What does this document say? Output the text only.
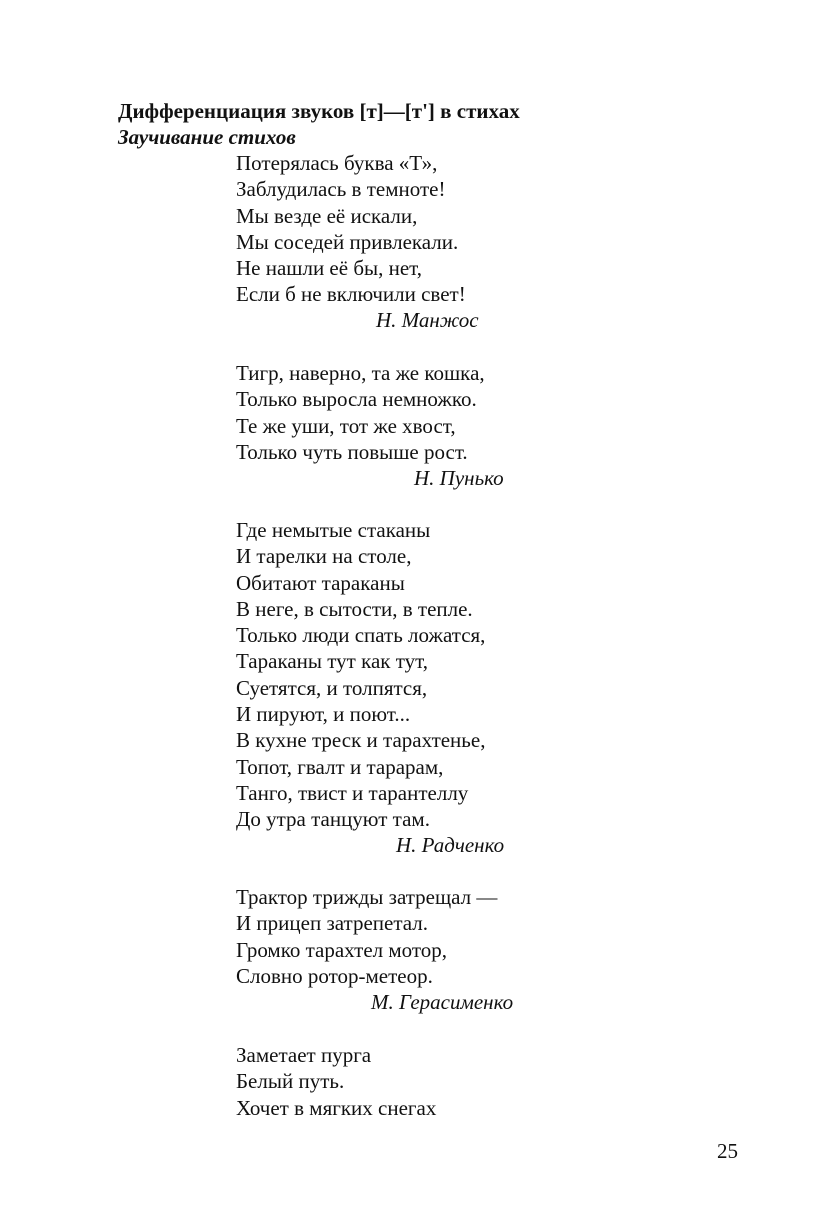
Дифференциация звуков [т]—[т'] в стихах
Заучивание стихов
Потерялась буква «Т»,
Заблудилась в темноте!
Мы везде её искали,
Мы соседей привлекали.
Не нашли её бы, нет,
Если б не включили свет!
Н. Манжос
Тигр, наверно, та же кошка,
Только выросла немножко.
Те же уши, тот же хвост,
Только чуть повыше рост.
Н. Пунько
Где немытые стаканы
И тарелки на столе,
Обитают тараканы
В неге, в сытости, в тепле.
Только люди спать ложатся,
Тараканы тут как тут,
Суетятся, и толпятся,
И пируют, и поют...
В кухне треск и тарахтенье,
Топот, гвалт и тарарам,
Танго, твист и тарантеллу
До утра танцуют там.
Н. Радченко
Трактор трижды затрещал —
И прицеп затрепетал.
Громко тарахтел мотор,
Словно ротор-метеор.
М. Герасименко
Заметает пурга
Белый путь.
Хочет в мягких снегах
25
